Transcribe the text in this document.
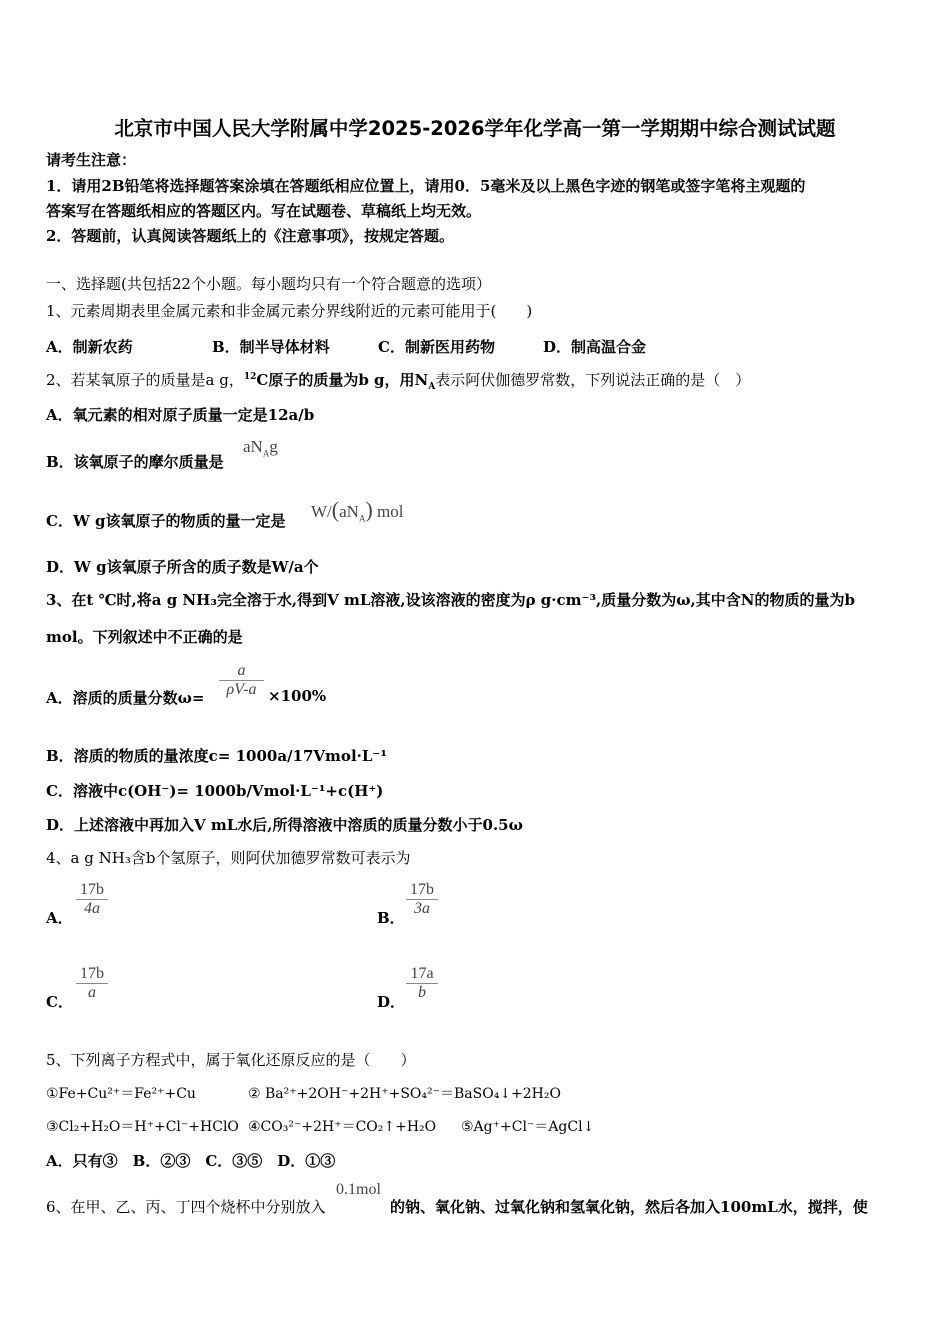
北京市中国人民大学附属中学2025-2026学年化学高一第一学期期中综合测试试题
请考生注意：
1．请用2B铅笔将选择题答案涂填在答题纸相应位置上，请用0．5毫米及以上黑色字迹的钢笔或签字笔将主观题的
答案写在答题纸相应的答题区内。写在试题卷、草稿纸上均无效。
2．答题前，认真阅读答题纸上的《注意事项》，按规定答题。
一、选择题(共包括22个小题。每小题均只有一个符合题意的选项）
1、元素周期表里金属元素和非金属元素分界线附近的元素可能用于(　　)
A．制新农药	B．制半导体材料	C．制新医用药物	D．制高温合金
2、若某氧原子的质量是a g，$^{12}$C原子的质量为b g，用$N_A$表示阿伏伽德罗常数，下列说法正确的是（　）
A．氧元素的相对原子质量一定是12a/b
B．该氧原子的摩尔质量是
$aN_Ag$
C．W g该氧原子的物质的量一定是 $W/(aN_A)$ mol
D．W g该氧原子所含的质子数是W/a个
3、在t ℃时,将a g NH₃完全溶于水,得到V mL溶液,设该溶液的密度为ρ g·cm⁻³,质量分数为ω,其中含N的物质的量为b
mol。下列叙述中不正确的是
A．溶质的质量分数ω=
a
ρV-a ×100%
B．溶质的物质的量浓度c= 1000a/17Vmol·L⁻¹
C．溶液中c(OH⁻)= 1000b/Vmol·L⁻¹+c(H⁺)
D．上述溶液中再加入V mL水后,所得溶液中溶质的质量分数小于0.5ω
4、a g NH₃含b个氢原子，则阿伏加德罗常数可表示为
A．
17b
4a
B．
17b
3a
C．
17b
a
D．
17a
b
5、下列离子方程式中，属于氧化还原反应的是（　　）
①Fe+Cu²⁺＝Fe²⁺+Cu	② Ba²⁺+2OH⁻+2H⁺+SO₄²⁻＝BaSO₄↓+2H₂O
③Cl₂+H₂O＝H⁺+Cl⁻+HClO ④CO₃²⁻+2H⁺＝CO₂↑+H₂O ⑤Ag⁺+Cl⁻＝AgCl↓
A．只有③　B．②③　C．③⑤　D．①③
6、在甲、乙、丙、丁四个烧杯中分别放入
0.1mol
的钠、氧化钠、过氧化钠和氢氧化钠，然后各加入100mL水，搅拌，使
